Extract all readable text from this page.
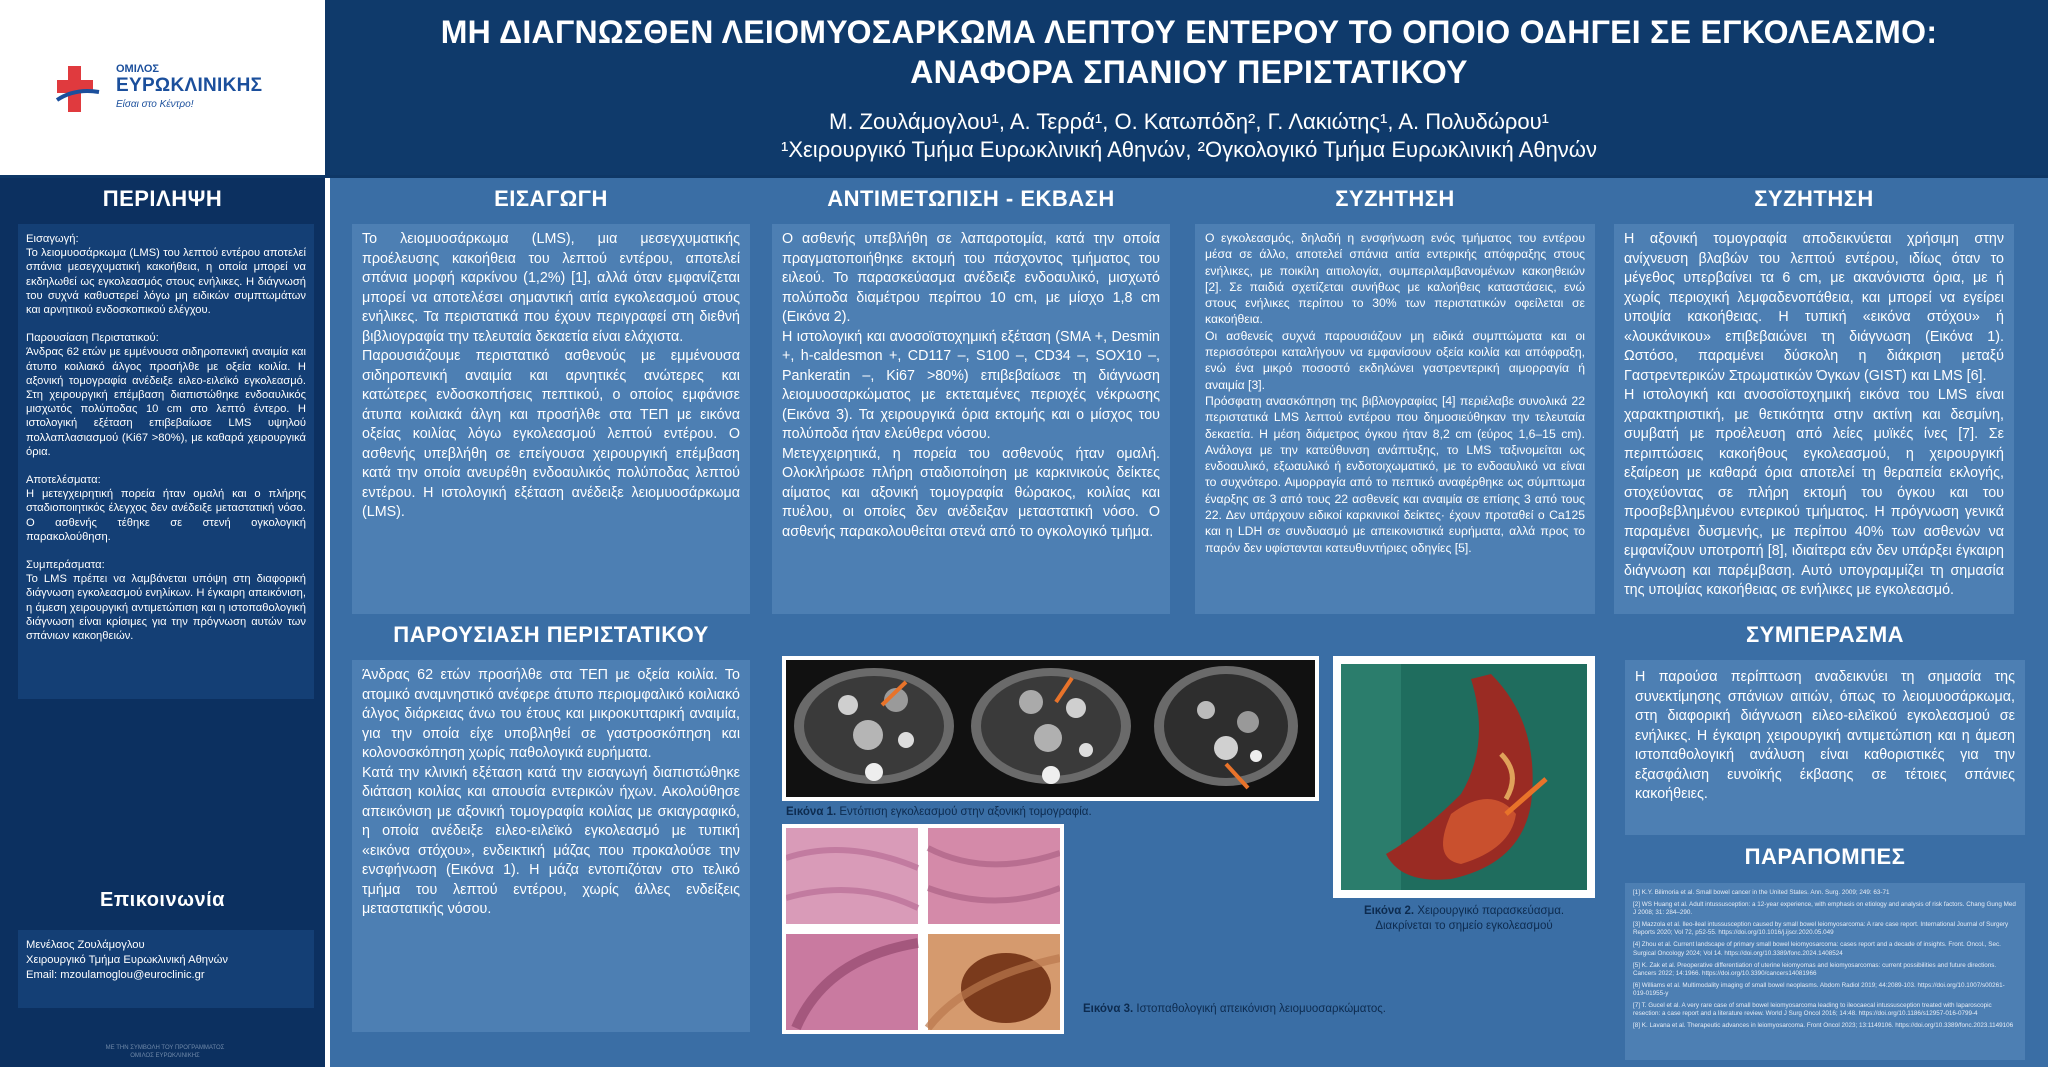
ΟΜΙΛΟΣ
ΕΥΡΩΚΛΙΝΙΚΗΣ
Είσαι στο Κέντρο!
ΜΗ ΔΙΑΓΝΩΣΘΕΝ ΛΕΙΟΜΥΟΣΑΡΚΩΜΑ ΛΕΠΤΟΥ ΕΝΤΕΡΟΥ ΤΟ ΟΠΟΙΟ ΟΔΗΓΕΙ ΣΕ ΕΓΚΟΛΕΑΣΜΟ: ΑΝΑΦΟΡΑ ΣΠΑΝΙΟΥ ΠΕΡΙΣΤΑΤΙΚΟΥ
Μ. Ζουλάμογλου¹, Α. Τερρά¹, Ο. Κατωπόδη², Γ. Λακιώτης¹, Α. Πολυδώρου¹
¹Χειρουργικό Τμήμα Ευρωκλινική Αθηνών, ²Ογκολογικό Τμήμα Ευρωκλινική Αθηνών
ΠΕΡΙΛΗΨΗ

Εισαγωγή:
Το λειομυοσάρκωμα (LMS) του λεπτού εντέρου αποτελεί σπάνια μεσεγχυματική κακοήθεια, η οποία μπορεί να εκδηλωθεί ως εγκολεασμός στους ενήλικες. Η διάγνωσή του συχνά καθυστερεί λόγω μη ειδικών συμπτωμάτων και αρνητικού ενδοσκοπικού ελέγχου.

Παρουσίαση Περιστατικού:
Άνδρας 62 ετών με εμμένουσα σιδηροπενική αναιμία και άτυπο κοιλιακό άλγος προσήλθε με οξεία κοιλία. Η αξονική τομογραφία ανέδειξε ειλεο-ειλεϊκό εγκολεασμό. Στη χειρουργική επέμβαση διαπιστώθηκε ενδοαυλικός μισχωτός πολύποδας 10 cm στο λεπτό έντερο. Η ιστολογική εξέταση επιβεβαίωσε LMS υψηλού πολλαπλασιασμού (Ki67 >80%), με καθαρά χειρουργικά όρια.

Αποτελέσματα:
Η μετεγχειρητική πορεία ήταν ομαλή και ο πλήρης σταδιοποιητικός έλεγχος δεν ανέδειξε μεταστατική νόσο. Ο ασθενής τέθηκε σε στενή ογκολογική παρακολούθηση.

Συμπεράσματα:
Το LMS πρέπει να λαμβάνεται υπόψη στη διαφορική διάγνωση εγκολεασμού ενηλίκων. Η έγκαιρη απεικόνιση, η άμεση χειρουργική αντιμετώπιση και η ιστοπαθολογική διάγνωση είναι κρίσιμες για την πρόγνωση αυτών των σπάνιων κακοηθειών.

Επικοινωνία
Μενέλαος Ζουλάμογλου
Χειρουργικό Τμήμα Ευρωκλινική Αθηνών
Email: mzoulamoglou@euroclinic.gr
ΜΕ ΤΗΝ ΣΥΜΒΟΛΗ ΤΟΥ ΠΡΟΓΡΑΜΜΑΤΟΣ
ΟΜΙΛΟΣ ΕΥΡΩΚΛΙΝΙΚΗΣ
ΕΙΣΑΓΩΓΗ

Το λειομυοσάρκωμα (LMS), μια μεσεγχυματικής προέλευσης κακοήθεια του λεπτού εντέρου, αποτελεί σπάνια μορφή καρκίνου (1,2%) [1], αλλά όταν εμφανίζεται μπορεί να αποτελέσει σημαντική αιτία εγκολεασμού στους ενήλικες. Τα περιστατικά που έχουν περιγραφεί στη διεθνή βιβλιογραφία την τελευταία δεκαετία είναι ελάχιστα.

Παρουσιάζουμε περιστατικό ασθενούς με εμμένουσα σιδηροπενική αναιμία και αρνητικές ανώτερες και κατώτερες ενδοσκοπήσεις πεπτικού, ο οποίος εμφάνισε άτυπα κοιλιακά άλγη και προσήλθε στα ΤΕΠ με εικόνα οξείας κοιλίας λόγω εγκολεασμού λεπτού εντέρου. Ο ασθενής υπεβλήθη σε επείγουσα χειρουργική επέμβαση κατά την οποία ανευρέθη ενδοαυλικός πολύποδας λεπτού εντέρου. Η ιστολογική εξέταση ανέδειξε λειομυοσάρκωμα (LMS).

ΑΝΤΙΜΕΤΩΠΙΣΗ - ΕΚΒΑΣΗ

Ο ασθενής υπεβλήθη σε λαπαροτομία, κατά την οποία πραγματοποιήθηκε εκτομή του πάσχοντος τμήματος του ειλεού. Το παρασκεύασμα ανέδειξε ενδοαυλικό, μισχωτό πολύποδα διαμέτρου περίπου 10 cm, με μίσχο 1,8 cm (Εικόνα 2).

Η ιστολογική και ανοσοϊστοχημική εξέταση (SMA +, Desmin +, h-caldesmon +, CD117 –, S100 –, CD34 –, SOX10 –, Pankeratin –, Ki67 >80%) επιβεβαίωσε τη διάγνωση λειομυοσαρκώματος με εκτεταμένες περιοχές νέκρωσης (Εικόνα 3). Τα χειρουργικά όρια εκτομής και ο μίσχος του πολύποδα ήταν ελεύθερα νόσου.

Μετεγχειρητικά, η πορεία του ασθενούς ήταν ομαλή. Ολοκλήρωσε πλήρη σταδιοποίηση με καρκινικούς δείκτες αίματος και αξονική τομογραφία θώρακος, κοιλίας και πυέλου, οι οποίες δεν ανέδειξαν μεταστατική νόσο. Ο ασθενής παρακολουθείται στενά από το ογκολογικό τμήμα.

ΣΥΖΗΤΗΣΗ

Ο εγκολεασμός, δηλαδή η ενσφήνωση ενός τμήματος του εντέρου μέσα σε άλλο, αποτελεί σπάνια αιτία εντερικής απόφραξης στους ενήλικες, με ποικίλη αιτιολογία, συμπεριλαμβανομένων κακοηθειών [2]. Σε παιδιά σχετίζεται συνήθως με καλοήθεις καταστάσεις, ενώ στους ενήλικες περίπου το 30% των περιστατικών οφείλεται σε κακοήθεια.

Οι ασθενείς συχνά παρουσιάζουν μη ειδικά συμπτώματα και οι περισσότεροι καταλήγουν να εμφανίσουν οξεία κοιλία και απόφραξη, ενώ ένα μικρό ποσοστό εκδηλώνει γαστρεντερική αιμορραγία ή αναιμία [3].

Πρόσφατη ανασκόπηση της βιβλιογραφίας [4] περιέλαβε συνολικά 22 περιστατικά LMS λεπτού εντέρου που δημοσιεύθηκαν την τελευταία δεκαετία. Η μέση διάμετρος όγκου ήταν 8,2 cm (εύρος 1,6–15 cm). Ανάλογα με την κατεύθυνση ανάπτυξης, το LMS ταξινομείται ως ενδοαυλικό, εξωαυλικό ή ενδοτοιχωματικό, με το ενδοαυλικό να είναι το συχνότερο. Αιμορραγία από το πεπτικό αναφέρθηκε ως σύμπτωμα έναρξης σε 3 από τους 22 ασθενείς και αναιμία σε επίσης 3 από τους 22. Δεν υπάρχουν ειδικοί καρκινικοί δείκτες· έχουν προταθεί ο Ca125 και η LDH σε συνδυασμό με απεικονιστικά ευρήματα, αλλά προς το παρόν δεν υφίστανται κατευθυντήριες οδηγίες [5].

ΣΥΖΗΤΗΣΗ

Η αξονική τομογραφία αποδεικνύεται χρήσιμη στην ανίχνευση βλαβών του λεπτού εντέρου, ιδίως όταν το μέγεθος υπερβαίνει τα 6 cm, με ακανόνιστα όρια, με ή χωρίς περιοχική λεμφαδενοπάθεια, και μπορεί να εγείρει υποψία κακοήθειας. Η τυπική «εικόνα στόχου» ή «λουκάνικου» επιβεβαιώνει τη διάγνωση (Εικόνα 1). Ωστόσο, παραμένει δύσκολη η διάκριση μεταξύ Γαστρεντερικών Στρωματικών Όγκων (GIST) και LMS [6].

Η ιστολογική και ανοσοϊστοχημική εικόνα του LMS είναι χαρακτηριστική, με θετικότητα στην ακτίνη και δεσμίνη, συμβατή με προέλευση από λείες μυϊκές ίνες [7]. Σε περιπτώσεις κακοήθους εγκολεασμού, η χειρουργική εξαίρεση με καθαρά όρια αποτελεί τη θεραπεία εκλογής, στοχεύοντας σε πλήρη εκτομή του όγκου και του προσβεβλημένου εντερικού τμήματος. Η πρόγνωση γενικά παραμένει δυσμενής, με περίπου 40% των ασθενών να εμφανίζουν υποτροπή [8], ιδιαίτερα εάν δεν υπάρξει έγκαιρη διάγνωση και παρέμβαση. Αυτό υπογραμμίζει τη σημασία της υποψίας κακοήθειας σε ενήλικες με εγκολεασμό.

ΠΑΡΟΥΣΙΑΣΗ ΠΕΡΙΣΤΑΤΙΚΟΥ

Άνδρας 62 ετών προσήλθε στα ΤΕΠ με οξεία κοιλία. Το ατομικό αναμνηστικό ανέφερε άτυπο περιομφαλικό κοιλιακό άλγος διάρκειας άνω του έτους και μικροκυτταρική αναιμία, για την οποία είχε υποβληθεί σε γαστροσκόπηση και κολονοσκόπηση χωρίς παθολογικά ευρήματα.

Κατά την κλινική εξέταση κατά την εισαγωγή διαπιστώθηκε διάταση κοιλίας και απουσία εντερικών ήχων. Ακολούθησε απεικόνιση με αξονική τομογραφία κοιλίας με σκιαγραφικό, η οποία ανέδειξε ειλεο-ειλεϊκό εγκολεασμό με τυπική «εικόνα στόχου», ενδεικτική μάζας που προκαλούσε την ενσφήνωση (Εικόνα 1). Η μάζα εντοπιζόταν στο τελικό τμήμα του λεπτού εντέρου, χωρίς άλλες ενδείξεις μεταστατικής νόσου.

Εικόνα 1. Εντόπιση εγκολεασμού στην αξονική τομογραφία.
Εικόνα 2. Χειρουργικό παρασκεύασμα.
Διακρίνεται το σημείο εγκολεασμού
Εικόνα 3. Ιστοπαθολογική απεικόνιση λειομυοσαρκώματος.
ΣΥΜΠΕΡΑΣΜΑ

Η παρούσα περίπτωση αναδεικνύει τη σημασία της συνεκτίμησης σπάνιων αιτιών, όπως το λειομυοσάρκωμα, στη διαφορική διάγνωση ειλεο-ειλεϊκού εγκολεασμού σε ενήλικες. Η έγκαιρη χειρουργική αντιμετώπιση και η άμεση ιστοπαθολογική ανάλυση είναι καθοριστικές για την εξασφάλιση ευνοϊκής έκβασης σε τέτοιες σπάνιες κακοήθειες.

ΠΑΡΑΠΟΜΠΕΣ

[1] K.Y. Bilimoria et al. Small bowel cancer in the United States. Ann. Surg. 2009; 249: 63-71

[2] WS Huang et al. Adult intussusception: a 12-year experience, with emphasis on etiology and analysis of risk factors. Chang Gung Med J 2008; 31: 284–290.

[3] Mazzola et al. Ileo-ileal intussusception caused by small bowel leiomyosarcoma: A rare case report. International Journal of Surgery Reports 2020; Vol 72, p52-55. https://doi.org/10.1016/j.ijscr.2020.05.049

[4] Zhou et al. Current landscape of primary small bowel leiomyosarcoma: cases report and a decade of insights. Front. Oncol., Sec. Surgical Oncology 2024; Vol 14. https://doi.org/10.3389/fonc.2024.1408524

[5] K. Zak et al. Preoperative differentiation of uterine leiomyomas and leiomyosarcomas: current possibilities and future directions. Cancers 2022; 14:1966. https://doi.org/10.3390/cancers14081966

[6] Williams et al. Multimodality imaging of small bowel neoplasms. Abdom Radiol 2019; 44:2089-103. https://doi.org/10.1007/s00261-019-01955-y

[7] T. Gucel et al. A very rare case of small bowel leiomyosarcoma leading to ileocaecal intussusception treated with laparoscopic resection: a case report and a literature review. World J Surg Oncol 2016; 14:48. https://doi.org/10.1186/s12957-016-0799-4

[8] K. Lavana et al. Therapeutic advances in leiomyosarcoma. Front Oncol 2023; 13:1149106. https://doi.org/10.3389/fonc.2023.1149106
